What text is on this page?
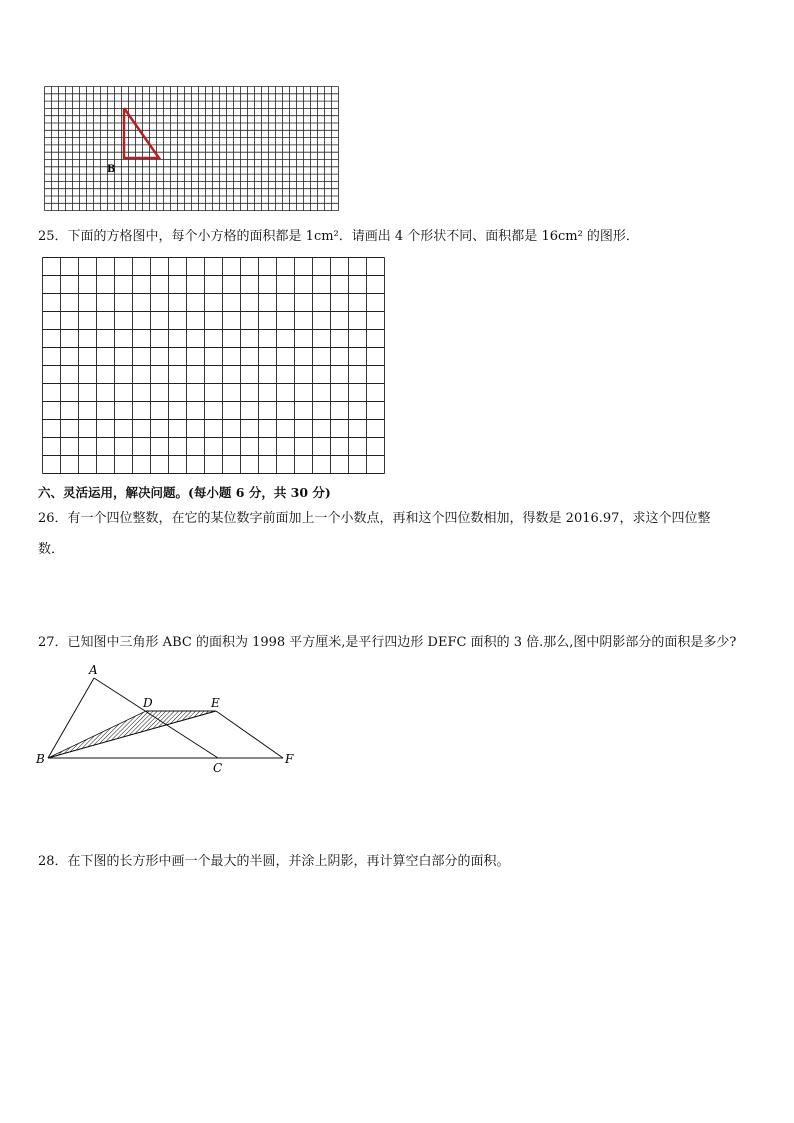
B
25．下面的方格图中，每个小方格的面积都是 1cm²．请画出 4 个形状不同、面积都是 16cm² 的图形．
六、灵活运用，解决问题。(每小题 6 分，共 30 分)
26．有一个四位整数，在它的某位数字前面加上一个小数点，再和这个四位数相加，得数是 2016.97，求这个四位整
数．
27．已知图中三角形 ABC 的面积为 1998 平方厘米,是平行四边形 DEFC 面积的 3 倍.那么,图中阴影部分的面积是多少?
A
B
C
D	E
F
28．在下图的长方形中画一个最大的半圆，并涂上阴影，再计算空白部分的面积。
